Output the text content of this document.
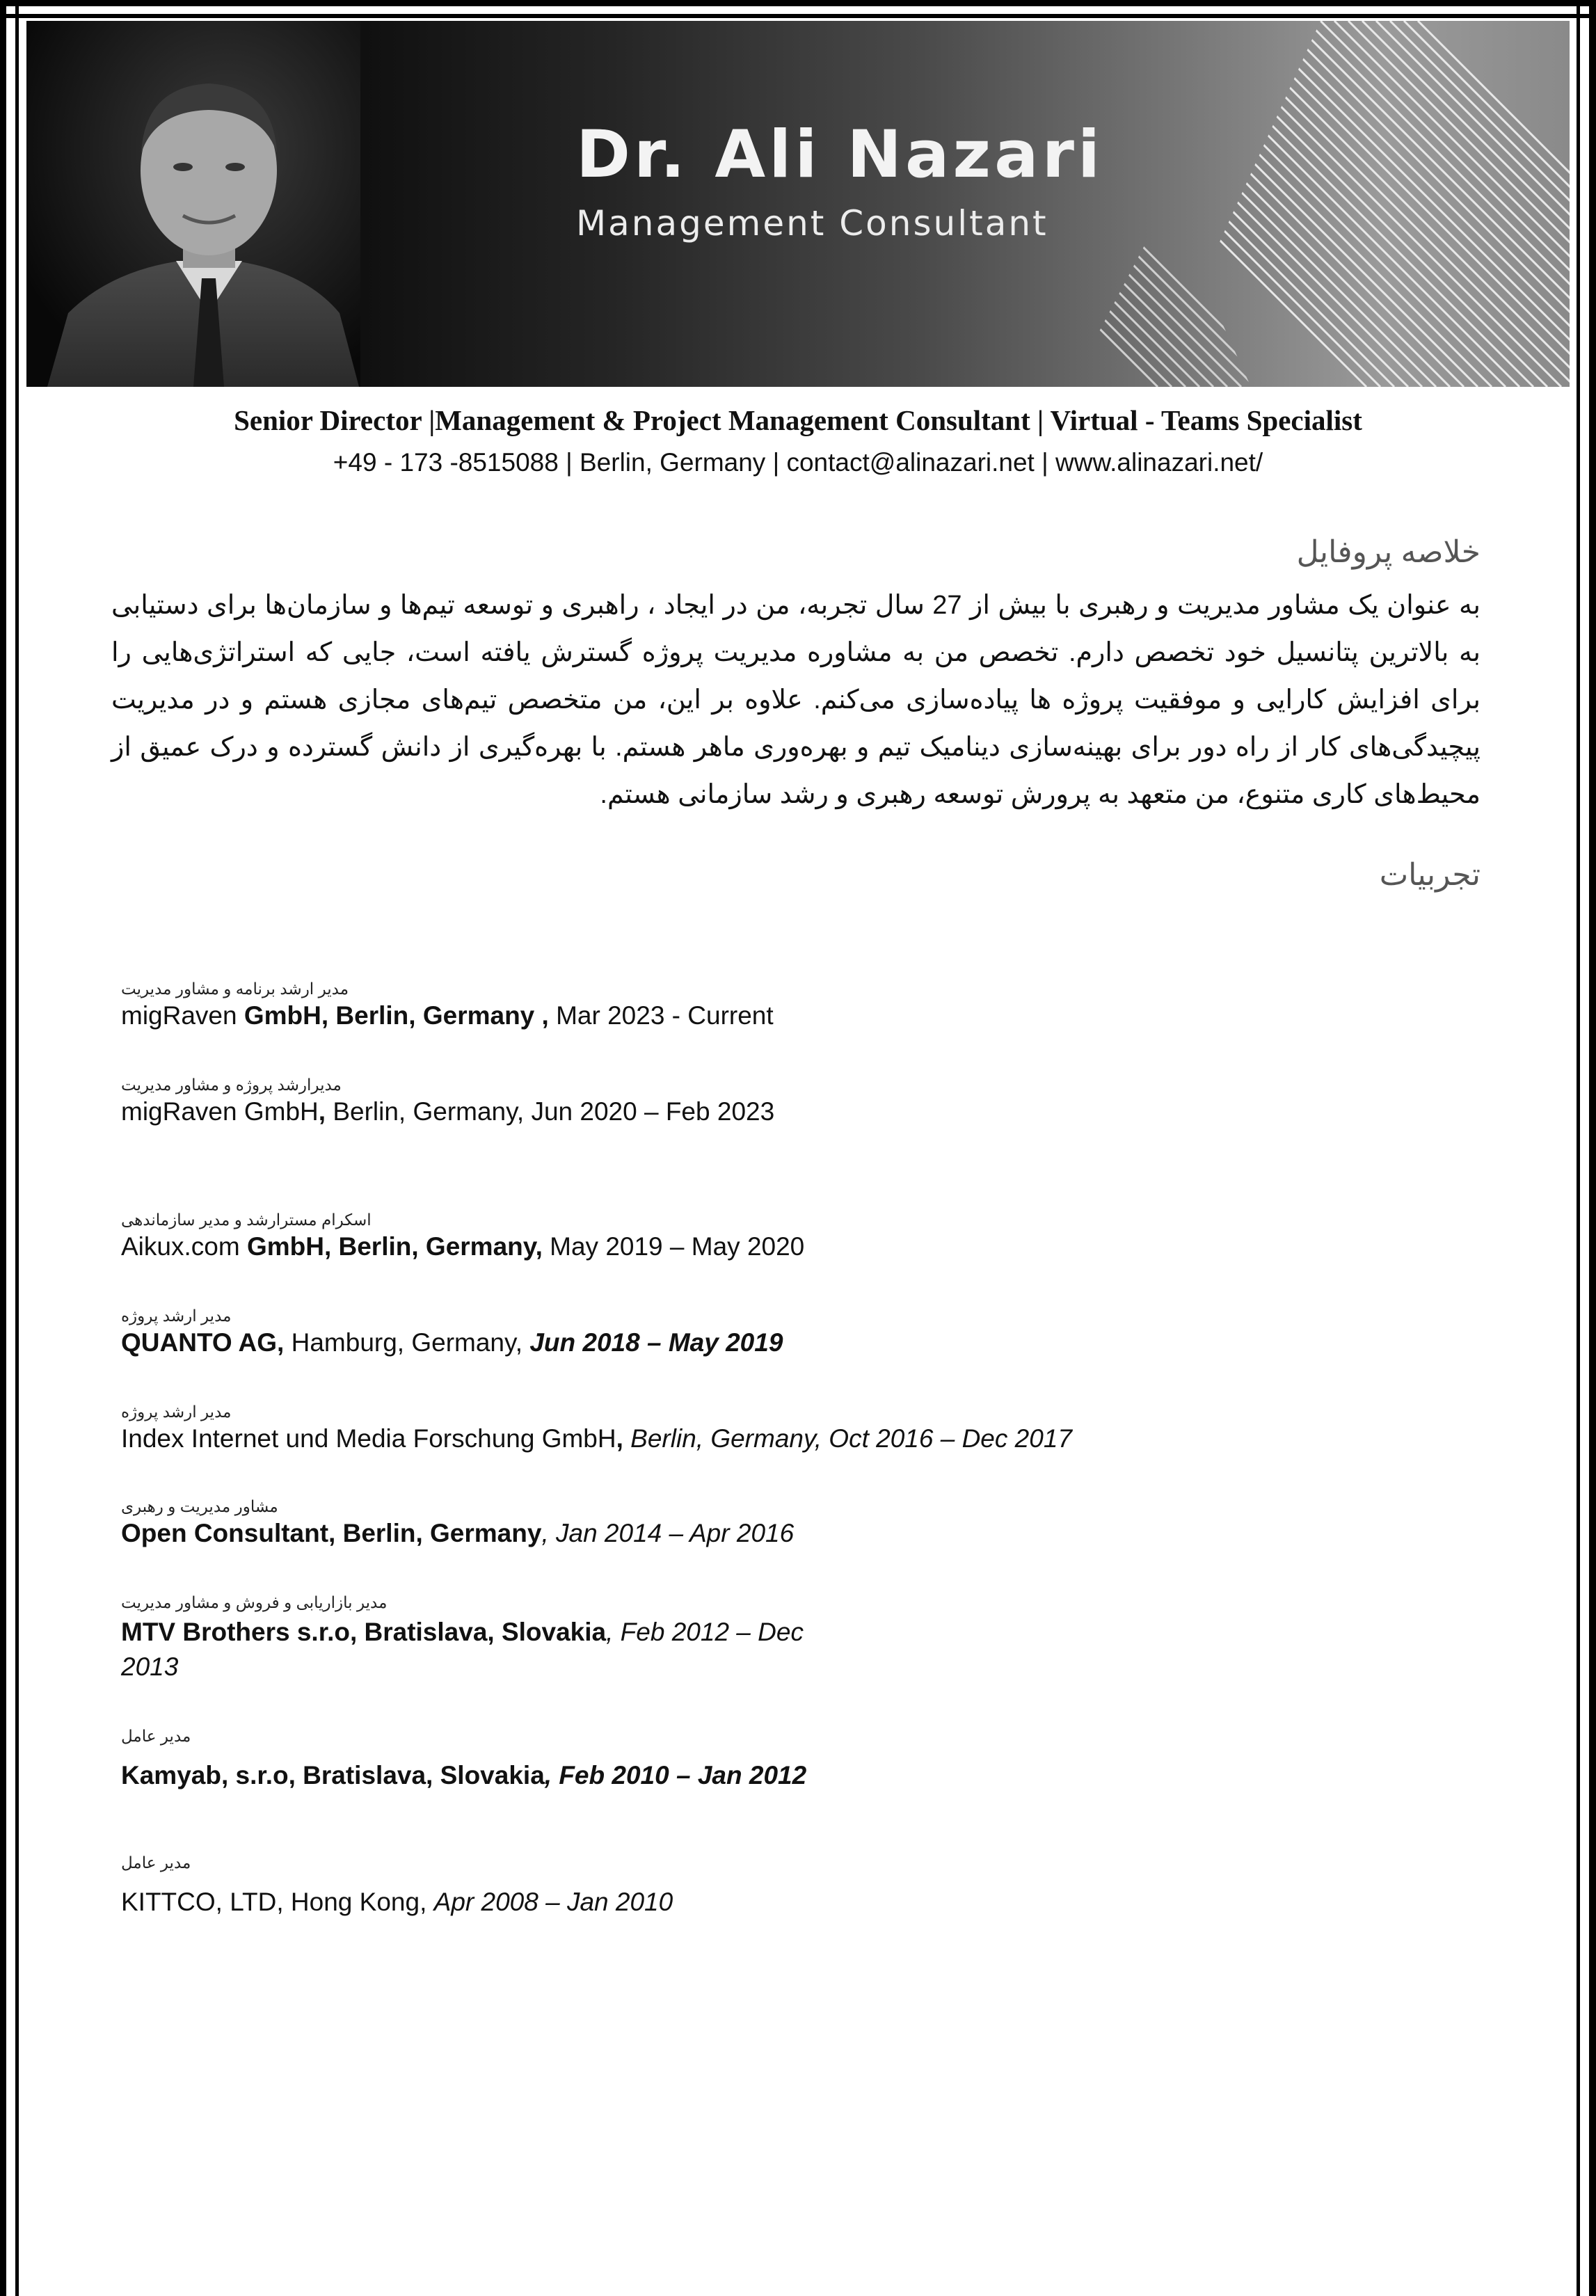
Dr. Ali Nazari
Management Consultant
Senior Director |Management & Project Management Consultant | Virtual - Teams Specialist
+49 - 173 -8515088 | Berlin, Germany | contact@alinazari.net | www.alinazari.net/
خلاصه پروفایل
به عنوان یک مشاور مدیریت و رهبری با بیش از 27 سال تجربه، من در ایجاد ، راهبری و توسعه تیم‌ها و سازمان‌ها برای دستیابی به بالاترین پتانسیل خود تخصص دارم. تخصص من به مشاوره مدیریت پروژه گسترش یافته است، جایی که استراتژی‌هایی را برای افزایش کارایی و موفقیت پروژه ها پیاده‌سازی می‌کنم. علاوه بر این، من متخصص تیم‌های مجازی هستم و در مدیریت پیچیدگی‌های کار از راه دور برای بهینه‌سازی دینامیک تیم و بهره‌وری ماهر هستم. با بهره‌گیری از دانش گسترده و درک عمیق از محیط‌های کاری متنوع، من متعهد به پرورش توسعه رهبری و رشد سازمانی هستم.
تجربیات
مدیر ارشد برنامه و مشاور مدیریت
migRaven GmbH, Berlin, Germany , Mar 2023 - Current
مدیرارشد پروژه و مشاور مدیریت
migRaven GmbH, Berlin, Germany, Jun 2020 – Feb 2023
اسکرام مسترارشد و مدیر سازماندهی
Aikux.com GmbH, Berlin, Germany, May 2019 – May 2020
مدیر ارشد پروژه
QUANTO AG, Hamburg, Germany, Jun 2018 – May 2019
مدیر ارشد پروژه
Index Internet und Media Forschung GmbH, Berlin, Germany, Oct 2016 – Dec 2017
مشاور مدیریت و رهبری
Open Consultant, Berlin, Germany, Jan 2014 – Apr 2016
مدیر بازاریابی و فروش و مشاور مدیریت
MTV Brothers s.r.o, Bratislava, Slovakia, Feb 2012 – Dec 2013
مدیر عامل
Kamyab, s.r.o, Bratislava, Slovakia, Feb 2010 – Jan 2012
مدیر عامل
KITTCO, LTD, Hong Kong, Apr 2008 – Jan 2010
